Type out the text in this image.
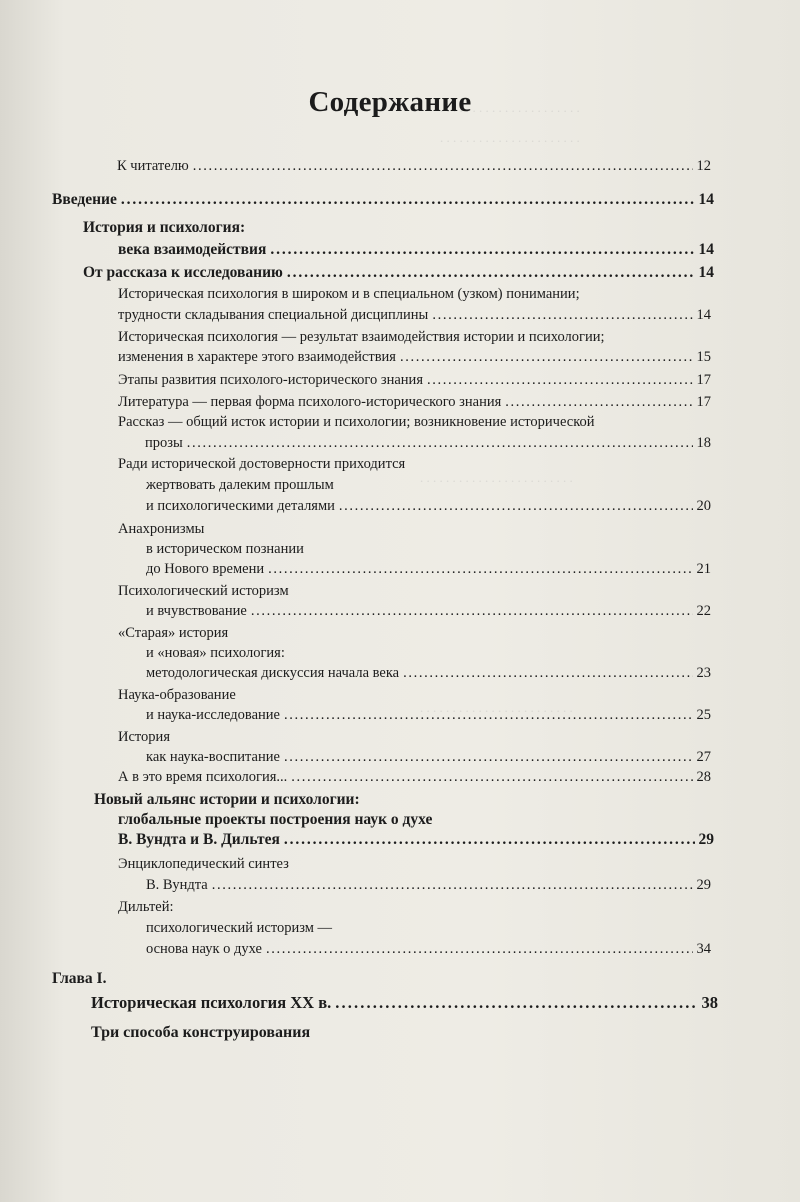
. . . . . . . . . . . . . . . . . . . . . .
. . . . . . . . . . . . . . . . . . . . . .
. . . . . . . . . . . . . . . . . . . . . . . .
. . . . . . . . . . . . . . . . . . . . . . . .
Содержание
К читателю . . .	12
Введение . . .	14
История и психология:
века взаимодействия . . .	14
От рассказа к исследованию . . .	14
Историческая психология в широком и в специальном (узком) понимании;
трудности складывания специальной дисциплины . . .	14
Историческая психология — результат взаимодействия истории и психологии;
изменения в характере этого взаимодействия . . .	15
Этапы развития психолого-исторического знания . . .	17
Литература — первая форма психолого-исторического знания . . .	17
Рассказ — общий исток истории и психологии; возникновение исторической
прозы . . .	18
Ради исторической достоверности приходится
жертвовать далеким прошлым
и психологическими деталями . . .	20
Анахронизмы
в историческом познании
до Нового времени . . .	21
Психологический историзм
и вчувствование . . .	22
«Старая» история
и «новая» психология:
методологическая дискуссия начала века . . .	23
Наука-образование
и наука-исследование . . .	25
История
как наука-воспитание . . .	27
А в это время психология... . . .	28
Новый альянс истории и психологии:
глобальные проекты построения наук о духе
В. Вундта и В. Дильтея . . .	29
Энциклопедический синтез
В. Вундта . . .	29
Дильтей:
психологический историзм —
основа наук о духе . . .	34
Глава I.
Историческая психология XX в. . . .	38
Три способа конструирования
